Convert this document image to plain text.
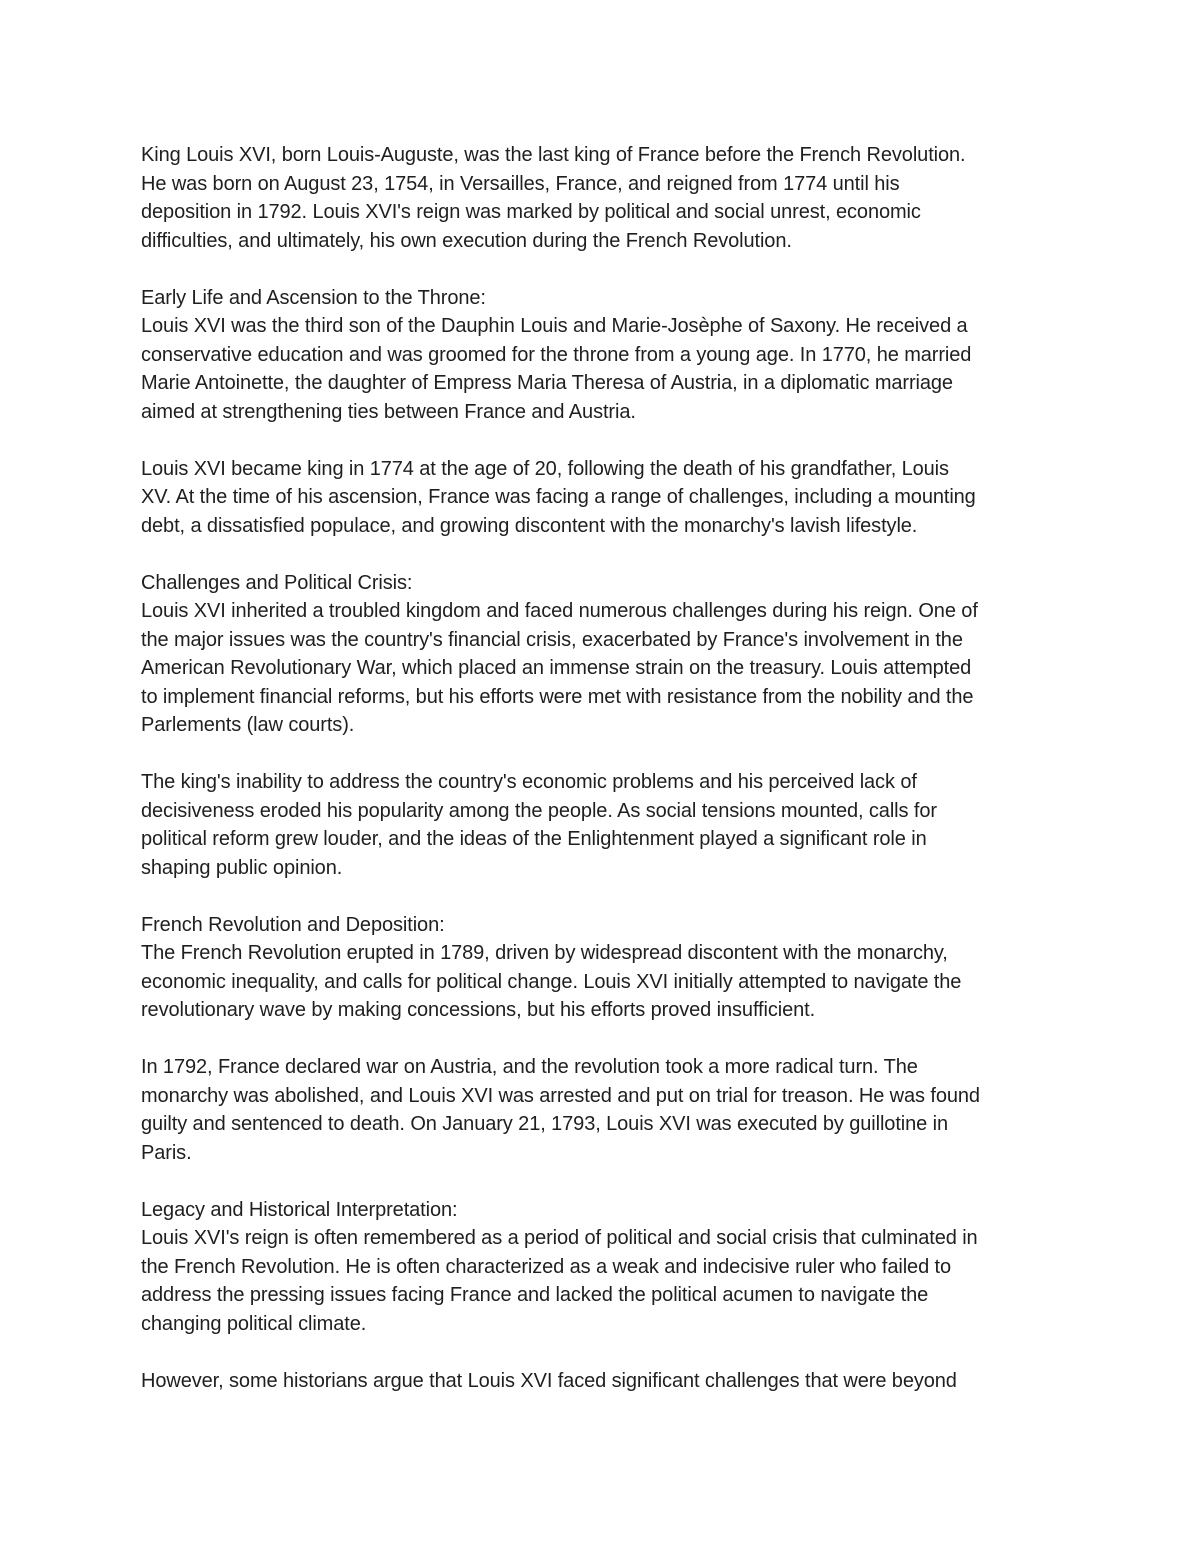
King Louis XVI, born Louis-Auguste, was the last king of France before the French Revolution.
He was born on August 23, 1754, in Versailles, France, and reigned from 1774 until his
deposition in 1792. Louis XVI's reign was marked by political and social unrest, economic
difficulties, and ultimately, his own execution during the French Revolution.

Early Life and Ascension to the Throne:
Louis XVI was the third son of the Dauphin Louis and Marie-Josèphe of Saxony. He received a
conservative education and was groomed for the throne from a young age. In 1770, he married
Marie Antoinette, the daughter of Empress Maria Theresa of Austria, in a diplomatic marriage
aimed at strengthening ties between France and Austria.

Louis XVI became king in 1774 at the age of 20, following the death of his grandfather, Louis
XV. At the time of his ascension, France was facing a range of challenges, including a mounting
debt, a dissatisfied populace, and growing discontent with the monarchy's lavish lifestyle.

Challenges and Political Crisis:
Louis XVI inherited a troubled kingdom and faced numerous challenges during his reign. One of
the major issues was the country's financial crisis, exacerbated by France's involvement in the
American Revolutionary War, which placed an immense strain on the treasury. Louis attempted
to implement financial reforms, but his efforts were met with resistance from the nobility and the
Parlements (law courts).

The king's inability to address the country's economic problems and his perceived lack of
decisiveness eroded his popularity among the people. As social tensions mounted, calls for
political reform grew louder, and the ideas of the Enlightenment played a significant role in
shaping public opinion.

French Revolution and Deposition:
The French Revolution erupted in 1789, driven by widespread discontent with the monarchy,
economic inequality, and calls for political change. Louis XVI initially attempted to navigate the
revolutionary wave by making concessions, but his efforts proved insufficient.

In 1792, France declared war on Austria, and the revolution took a more radical turn. The
monarchy was abolished, and Louis XVI was arrested and put on trial for treason. He was found
guilty and sentenced to death. On January 21, 1793, Louis XVI was executed by guillotine in
Paris.

Legacy and Historical Interpretation:
Louis XVI's reign is often remembered as a period of political and social crisis that culminated in
the French Revolution. He is often characterized as a weak and indecisive ruler who failed to
address the pressing issues facing France and lacked the political acumen to navigate the
changing political climate.

However, some historians argue that Louis XVI faced significant challenges that were beyond
